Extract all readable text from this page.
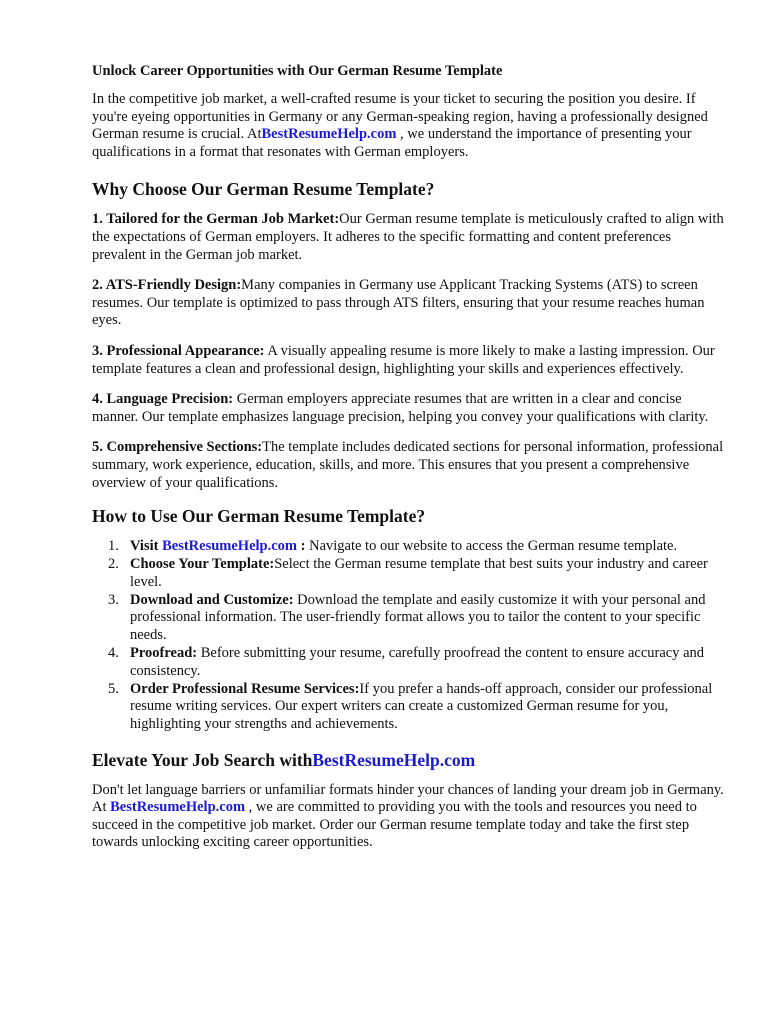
Unlock Career Opportunities with Our German Resume Template

In the competitive job market, a well-crafted resume is your ticket to securing the position you desire. If you're eyeing opportunities in Germany or any German-speaking region, having a professionally designed German resume is crucial. AtBestResumeHelp.com , we understand the importance of presenting your qualifications in a format that resonates with German employers.

Why Choose Our German Resume Template?

1. Tailored for the German Job Market:Our German resume template is meticulously crafted to align with the expectations of German employers. It adheres to the specific formatting and content preferences prevalent in the German job market.

2. ATS-Friendly Design:Many companies in Germany use Applicant Tracking Systems (ATS) to screen resumes. Our template is optimized to pass through ATS filters, ensuring that your resume reaches human eyes.

3. Professional Appearance: A visually appealing resume is more likely to make a lasting impression. Our template features a clean and professional design, highlighting your skills and experiences effectively.

4. Language Precision: German employers appreciate resumes that are written in a clear and concise manner. Our template emphasizes language precision, helping you convey your qualifications with clarity.

5. Comprehensive Sections:The template includes dedicated sections for personal information, professional summary, work experience, education, skills, and more. This ensures that you present a comprehensive overview of your qualifications.

How to Use Our German Resume Template?
1. Visit BestResumeHelp.com : Navigate to our website to access the German resume template.
2. Choose Your Template:Select the German resume template that best suits your industry and career level.
3. Download and Customize: Download the template and easily customize it with your personal and professional information. The user-friendly format allows you to tailor the content to your specific needs.
4. Proofread: Before submitting your resume, carefully proofread the content to ensure accuracy and consistency.
5. Order Professional Resume Services:If you prefer a hands-off approach, consider our professional resume writing services. Our expert writers can create a customized German resume for you, highlighting your strengths and achievements.
Elevate Your Job Search withBestResumeHelp.com

Don't let language barriers or unfamiliar formats hinder your chances of landing your dream job in Germany. At BestResumeHelp.com , we are committed to providing you with the tools and resources you need to succeed in the competitive job market. Order our German resume template today and take the first step towards unlocking exciting career opportunities.
